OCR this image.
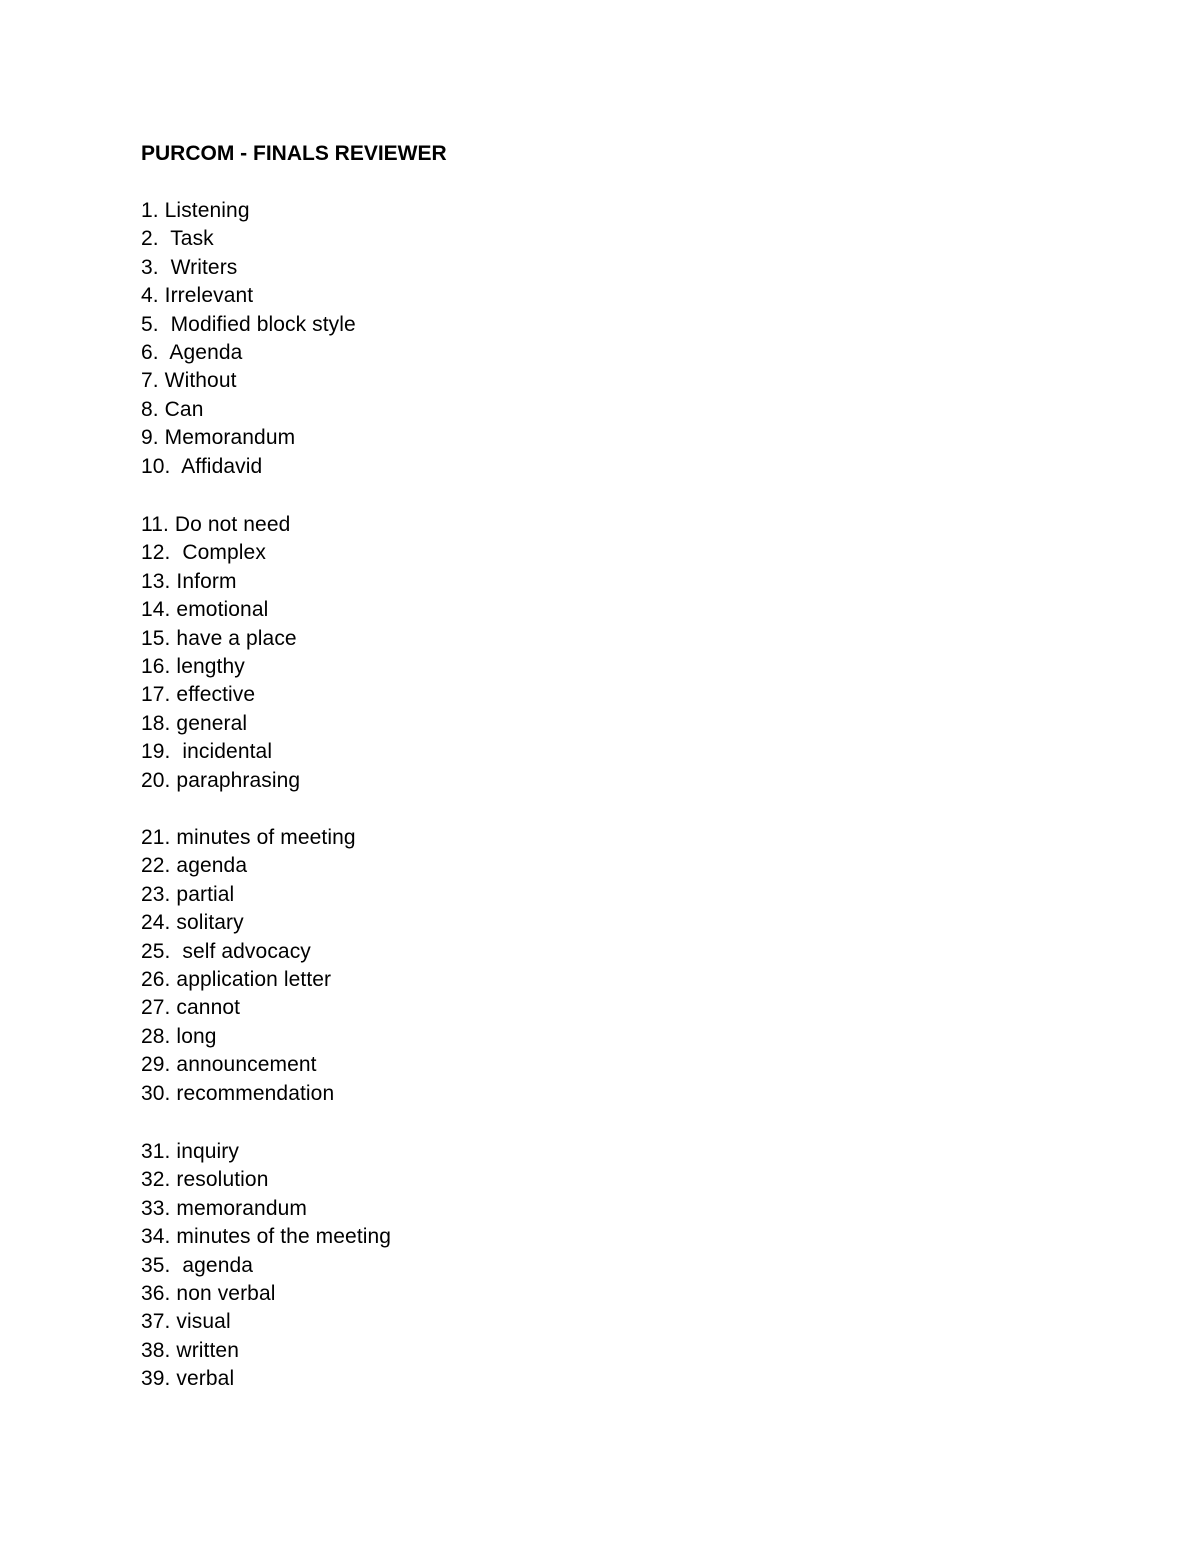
PURCOM - FINALS REVIEWER
1. Listening
2.  Task
3.  Writers
4. Irrelevant
5.  Modified block style
6.  Agenda
7. Without
8. Can
9. Memorandum
10.  Affidavid
11. Do not need
12.  Complex
13. Inform
14. emotional
15. have a place
16. lengthy
17. effective
18. general
19.  incidental
20. paraphrasing
21. minutes of meeting
22. agenda
23. partial
24. solitary
25.  self advocacy
26. application letter
27. cannot
28. long
29. announcement
30. recommendation
31. inquiry
32. resolution
33. memorandum
34. minutes of the meeting
35.  agenda
36. non verbal
37. visual
38. written
39. verbal
